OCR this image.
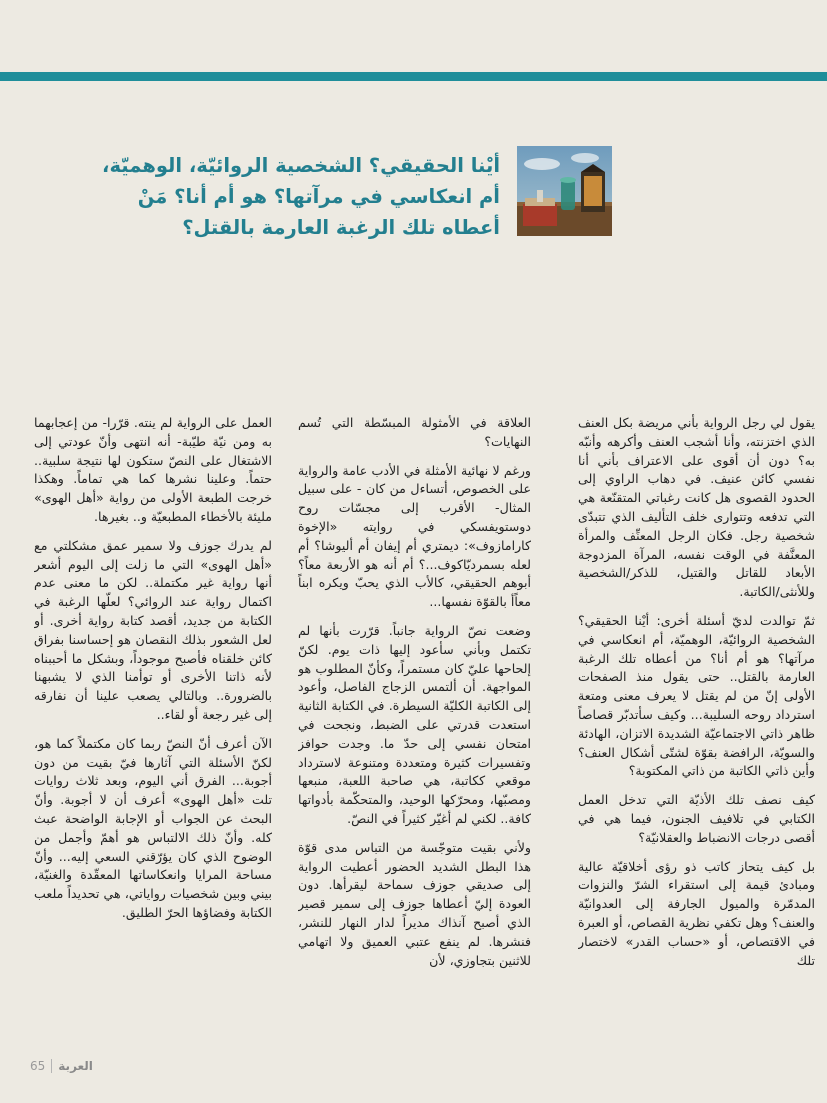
أيْنا الحقيقي؟ الشخصية الروائيّة، الوهميّة،

أم انعكاسي في مرآتها؟ هو أم أنا؟ مَنْ

أعطاه تلك الرغبة العارمة بالقتل؟

يقول لي رجل الرواية بأني مريضة بكل العنف الذي اختزنته، وأنا أشجب العنف وأكرهه وأنبّه به؟ دون أن أقوى على الاعتراف بأني أنا نفسي كائن عنيف. في دهاب الراوي إلى الحدود القصوى هل كانت رغباتي المتقنّعة هي التي تدفعه وتتوارى خلف التأليف الذي تتبدّى شخصية رجل. فكان الرجل المعنِّف والمرأة المعنَّفة في الوقت نفسه، المرآة المزدوجة الأبعاد للقاتل والقتيل، للذكر/الشخصية وللأنثى/الكاتبة.

ثمّ توالدت لديّ أسئلة أخرى: أيْنا الحقيقي؟ الشخصية الروائيّة، الوهميّة، أم انعكاسي في مرآتها؟ هو أم أنا؟ من أعطاه تلك الرغبة العارمة بالقتل.. حتى يقول منذ الصفحات الأولى إنّ من لم يقتل لا يعرف معنى ومتعة استرداد روحه السليبة... وكيف سأتدبّر قصاصاً ظاهر ذاتي الاجتماعيّة الشديدة الاتزان، الهادئة والسويّة، الرافضة بقوّة لشتّى أشكال العنف؟ وأين ذاتي الكاتبة من ذاتي المكتوبة؟

كيف نصف تلك الأذيّة التي تدخل العمل الكتابي في تلافيف الجنون، فيما هي في أقصى درجات الانضباط والعقلانيّة؟

بل كيف يتحاز كاتب ذو رؤى أخلاقيّة عالية ومبادئ قيمة إلى استقراء الشرّ والنزوات المدمّرة والميول الجارفة إلى العدوانيّة والعنف؟ وهل تكفي نظرية القصاص، أو العبرة في الاقتصاص، أو «حساب القدر» لاختصار تلك

العلاقة في الأمثولة المبسّطة التي تُسم النهايات؟

ورغم لا نهائية الأمثلة في الأدب عامة والرواية على الخصوص، أتساءل من كان - على سبيل المثال- الأقرب إلى مجسّات روح دوستويفسكي في روايته «الإخوة كارامازوف»: ديمتري أم إيفان أم أليوشا؟ أم لعله بسمرديّاكوف...؟ أم أنه هو الأربعة معاً؟ أبوهم الحقيقي، كالأب الذي يحبّ ويكره ابناً معاًأ بالقوّة نفسها...

وضعت نصّ الرواية جانباً. قرّرت بأنها لم تكتمل وبأني سأعود إليها ذات يوم. لكنّ إلحاحها عليّ كان مستمراً، وكأنّ المطلوب هو المواجهة. أن ألتمس الزجاج الفاصل، وأعود إلى الكاتبة الكليّة السيطرة. في الكتابة الثانية استعدت قدرتي على الضبط، ونجحت في امتحان نفسي إلى حدّ ما. وجدت حوافز وتفسيرات كثيرة ومتعددة ومتنوعة لاسترداد موقعي ككاتبة، هي صاحبة اللعبة، منبعها ومصبّها، ومحرّكها الوحيد، والمتحكّمة بأدواتها كافة.. لكني لم أغيّر كثيراً في النصّ.

ولأني بقيت متوجّسة من التباس مدى قوّة هذا البطل الشديد الحضور أعطيت الرواية إلى صديقي جوزف سماحة ليقرأها. دون العودة إليّ أعطاها جوزف إلى سمير قصير الذي أصبح آنذاك مديراً لدار النهار للنشر، فنشرها. لم ينفع عتبي العميق ولا اتهامي للاثنين بتجاوزي، لأن

العمل على الرواية لم ينته. قرّرا- من إعجابهما به ومن نيّة طيّبة- أنه انتهى وأنّ عودتي إلى الاشتغال على النصّ ستكون لها نتيجة سلبية.. حتماً. وعلينا نشرها كما هي تماماً. وهكذا خرجت الطبعة الأولى من رواية «أهل الهوى» مليئة بالأخطاء المطبعيّة و.. بغيرها.

لم يدرك جوزف ولا سمير عمق مشكلتي مع «أهل الهوى» التي ما زلت إلى اليوم أشعر أنها رواية غير مكتملة.. لكن ما معنى عدم اكتمال رواية عند الروائي؟ لعلّها الرغبة في الكتابة من جديد، أقصد كتابة رواية أخرى. أو لعل الشعور بذلك النقصان هو إحساسنا بفراق كائن خلقناه فأصبح موجوداً، وبشكل ما أحببناه لأنه ذاتنا الأخرى أو توأمنا الذي لا يشبهنا بالضرورة.. وبالتالي يصعب علينا أن نفارقه إلى غير رجعة أو لقاء..

الآن أعرف أنّ النصّ ربما كان مكتملاً كما هو، لكنّ الأسئلة التي آثارها فيّ بقيت من دون أجوبة... الفرق أني اليوم، وبعد ثلاث روايات تلت «أهل الهوى» أعرف أن لا أجوبة. وأنّ البحث عن الجواب أو الإجابة الواضحة عبث كله. وأنّ ذلك الالتباس هو أهمّ وأجمل من الوضوح الذي كان يؤرّقني السعي إليه... وأنّ مساحة المرايا وانعكاساتها المعقّدة والغنيّة، بيني وبين شخصيات رواياتي، هي تحديداً ملعب الكتابة وفضاؤها الحرّ الطليق.

65 العربة
